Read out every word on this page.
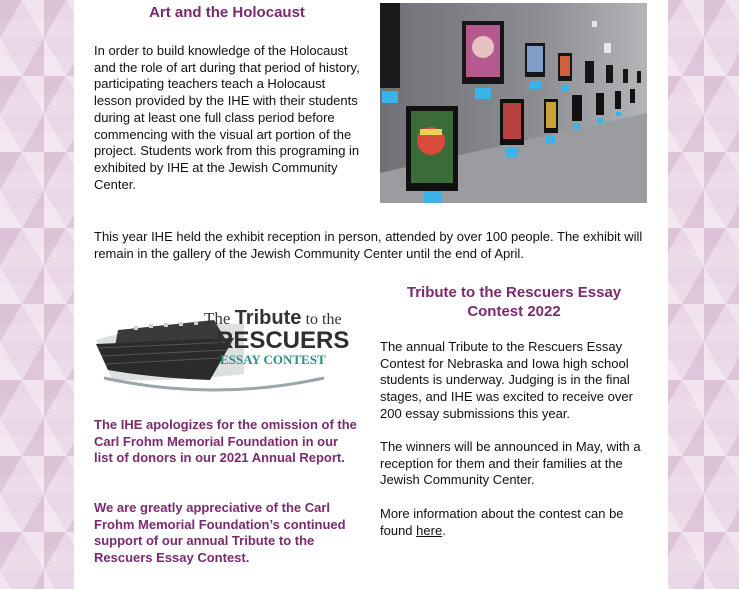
Art and the Holocaust

In order to build knowledge of the Holocaust and the role of art during that period of history, participating teachers teach a Holocaust lesson provided by the IHE with their students during at least one full class period before commencing with the visual art portion of the project. Students work from this programing in exhibited by IHE at the Jewish Community Center.

This year IHE held the exhibit reception in person, attended by over 100 people. The exhibit will remain in the gallery of the Jewish Community Center until the end of April.

The Tribute to the
RESCUERS
ESSAY CONTEST

The IHE apologizes for the omission of the Carl Frohm Memorial Foundation in our list of donors in our 2021 Annual Report.

We are greatly appreciative of the Carl Frohm Memorial Foundation’s continued support of our annual Tribute to the Rescuers Essay Contest.

Tribute to the Rescuers Essay Contest 2022

The annual Tribute to the Rescuers Essay Contest for Nebraska and Iowa high school students is underway. Judging is in the final stages, and IHE was excited to receive over 200 essay submissions this year.

The winners will be announced in May, with a reception for them and their families at the Jewish Community Center.

More information about the contest can be found here.
